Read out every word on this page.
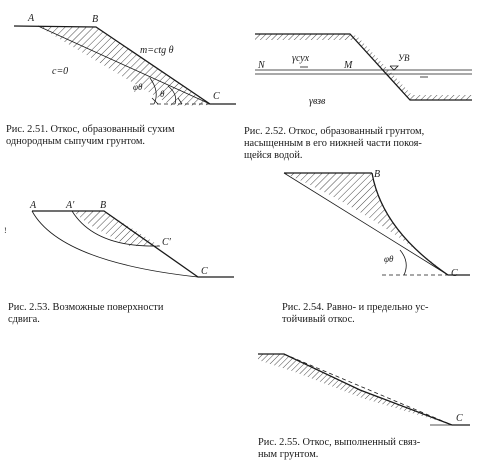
A	B
m=ctg θ
c=0
φθ
θ	C
N
γсух
M
УВ
γвзв
A	A′	B
C′
C
B
φθ
C
C
!
Рис. 2.51. Откос, образованный сухим
однородным сыпучим грунтом.
Рис. 2.52. Откос, образованный грунтом,
насыщенным в его нижней части покоя-
щейся водой.
Рис. 2.53. Возможные поверхности
сдвига.
Рис. 2.54. Равно- и предельно ус-
тойчивый откос.
Рис. 2.55. Откос, выполненный связ-
ным грунтом.
